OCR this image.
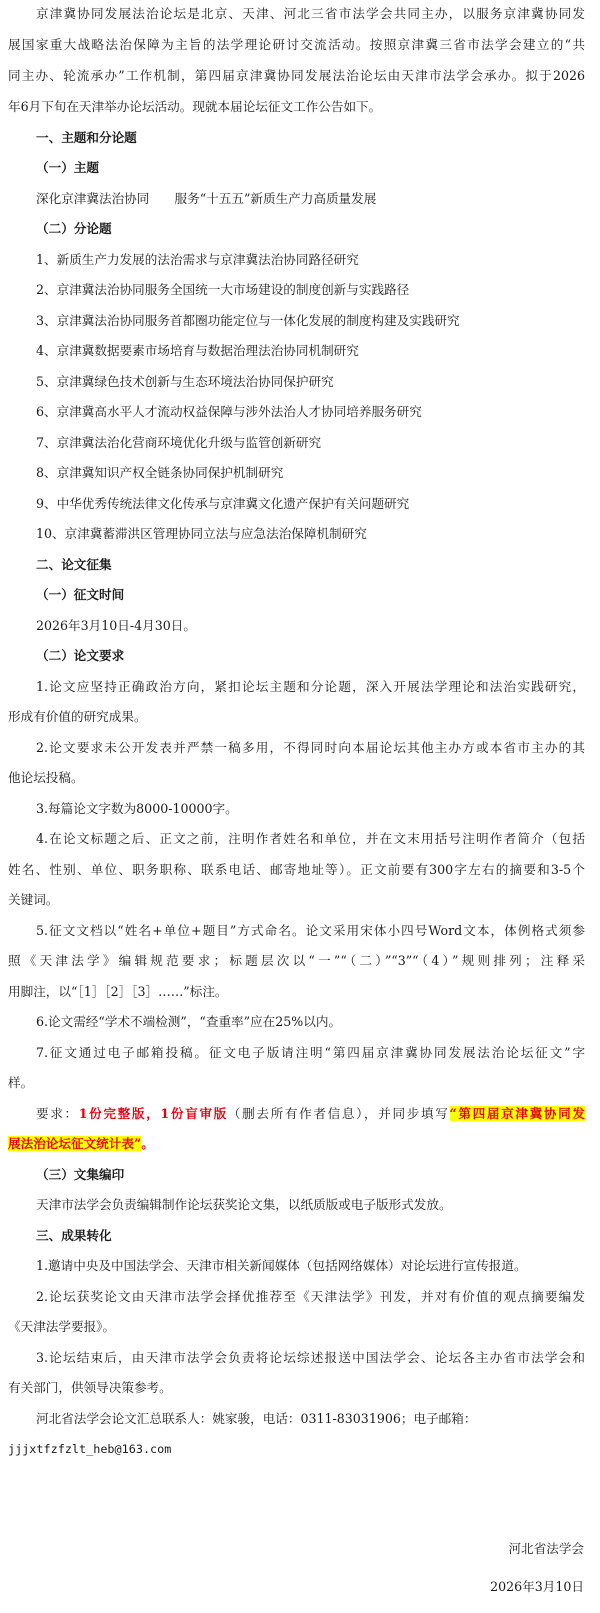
京津冀协同发展法治论坛是北京、天津、河北三省市法学会共同主办，以服务京津冀协同发
展国家重大战略法治保障为主旨的法学理论研讨交流活动。按照京津冀三省市法学会建立的“共
同主办、轮流承办”工作机制，第四届京津冀协同发展法治论坛由天津市法学会承办。拟于2026
年6月下旬在天津举办论坛活动。现就本届论坛征文工作公告如下。
一、主题和分论题
（一）主题
深化京津冀法治协同　　服务“十五五”新质生产力高质量发展
（二）分论题
1、新质生产力发展的法治需求与京津冀法治协同路径研究
2、京津冀法治协同服务全国统一大市场建设的制度创新与实践路径
3、京津冀法治协同服务首都圈功能定位与一体化发展的制度构建及实践研究
4、京津冀数据要素市场培育与数据治理法治协同机制研究
5、京津冀绿色技术创新与生态环境法治协同保护研究
6、京津冀高水平人才流动权益保障与涉外法治人才协同培养服务研究
7、京津冀法治化营商环境优化升级与监管创新研究
8、京津冀知识产权全链条协同保护机制研究
9、中华优秀传统法律文化传承与京津冀文化遗产保护有关问题研究
10、京津冀蓄滞洪区管理协同立法与应急法治保障机制研究
二、论文征集
（一）征文时间
2026年3月10日-4月30日。
（二）论文要求
1.论文应坚持正确政治方向，紧扣论坛主题和分论题，深入开展法学理论和法治实践研究，
形成有价值的研究成果。
2.论文要求未公开发表并严禁一稿多用，不得同时向本届论坛其他主办方或本省市主办的其
他论坛投稿。
3.每篇论文字数为8000-10000字。
4.在论文标题之后、正文之前，注明作者姓名和单位，并在文末用括号注明作者简介（包括
姓名、性别、单位、职务职称、联系电话、邮寄地址等）。正文前要有300字左右的摘要和3-5个
关键词。
5.征文文档以“姓名+单位+题目”方式命名。论文采用宋体小四号Word文本，体例格式须参
照《天津法学》编辑规范要求；标题层次以“一”“（二）”“3”“（4）”规则排列；注释采
用脚注，以“［1］［2］［3］……”标注。
6.论文需经“学术不端检测”，“查重率”应在25%以内。
7.征文通过电子邮箱投稿。征文电子版请注明“第四届京津冀协同发展法治论坛征文”字
样。
要求：1份完整版，1份盲审版（删去所有作者信息），并同步填写“第四届京津冀协同发
展法治论坛征文统计表”。
（三）文集编印
天津市法学会负责编辑制作论坛获奖论文集，以纸质版或电子版形式发放。
三、成果转化
1.邀请中央及中国法学会、天津市相关新闻媒体（包括网络媒体）对论坛进行宣传报道。
2.论坛获奖论文由天津市法学会择优推荐至《天津法学》刊发，并对有价值的观点摘要编发
《天津法学要报》。
3.论坛结束后，由天津市法学会负责将论坛综述报送中国法学会、论坛各主办省市法学会和
有关部门，供领导决策参考。
河北省法学会论文汇总联系人：姚家骏，电话：0311-83031906；电子邮箱：
jjjxtfzfzlt_heb@163.com
河北省法学会
2026年3月10日
